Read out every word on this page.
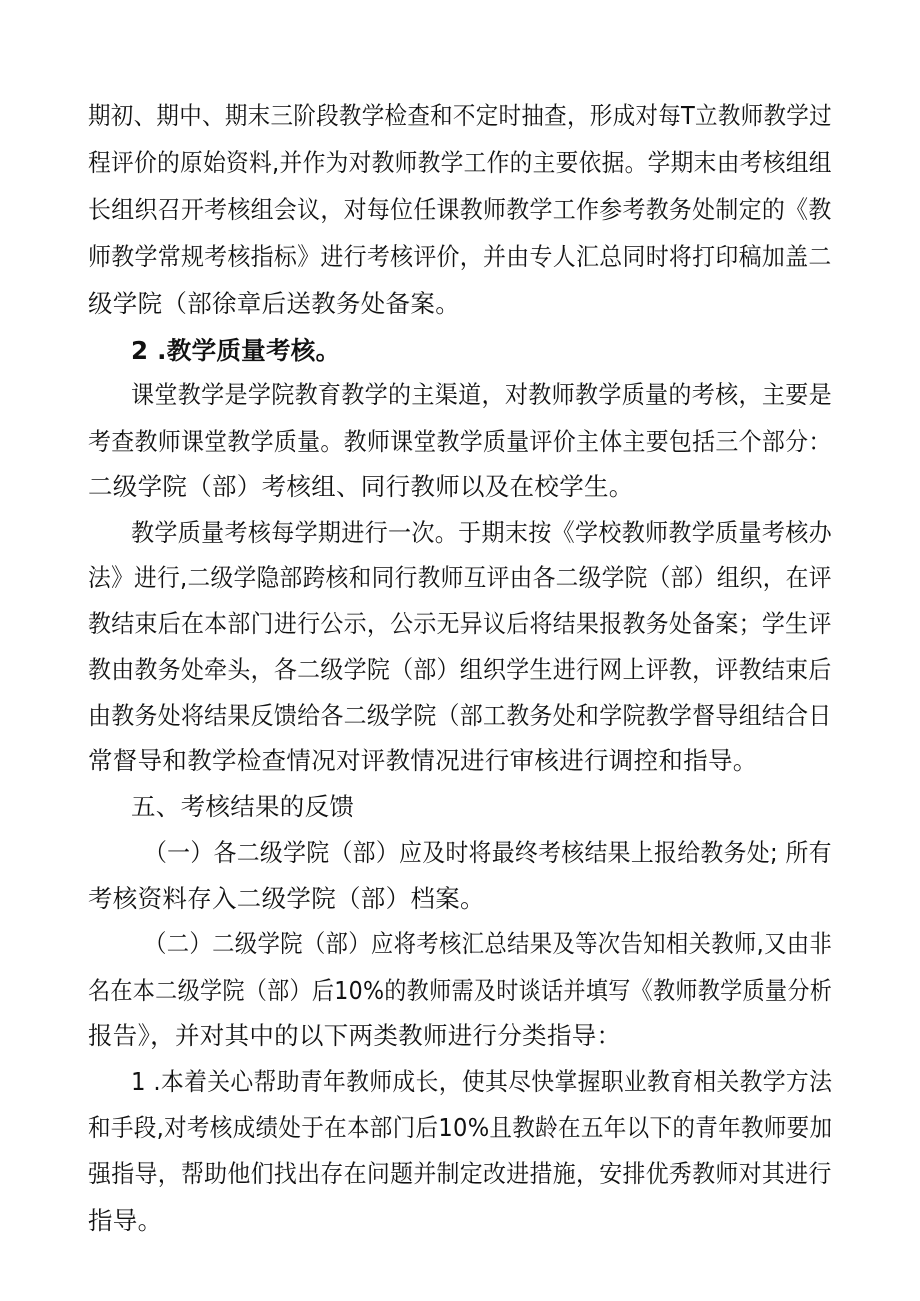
期初、期中、期末三阶段教学检查和不定时抽查，形成对每T立教师教学过
程评价的原始资料,并作为对教师教学工作的主要依据。学期末由考核组组
长组织召开考核组会议，对每位任课教师教学工作参考教务处制定的《教
师教学常规考核指标》进行考核评价，并由专人汇总同时将打印稿加盖二
级学院（部徐章后送教务处备案。
2 .教学质量考核。
课堂教学是学院教育教学的主渠道，对教师教学质量的考核，主要是
考查教师课堂教学质量。教师课堂教学质量评价主体主要包括三个部分：
二级学院（部）考核组、同行教师以及在校学生。
教学质量考核每学期进行一次。于期末按《学校教师教学质量考核办
法》进行,二级学隐部跨核和同行教师互评由各二级学院（部）组织，在评
教结束后在本部门进行公示，公示无异议后将结果报教务处备案；学生评
教由教务处牵头，各二级学院（部）组织学生进行网上评教，评教结束后
由教务处将结果反馈给各二级学院（部工教务处和学院教学督导组结合日
常督导和教学检查情况对评教情况进行审核进行调控和指导。
五、考核结果的反馈
（一）各二级学院（部）应及时将最终考核结果上报给教务处; 所有
考核资料存入二级学院（部）档案。
（二）二级学院（部）应将考核汇总结果及等次告知相关教师,又由非
名在本二级学院（部）后10%的教师需及时谈话并填写《教师教学质量分析
报告》，并对其中的以下两类教师进行分类指导：
1 .本着关心帮助青年教师成长，使其尽快掌握职业教育相关教学方法
和手段,对考核成绩处于在本部门后10%且教龄在五年以下的青年教师要加
强指导，帮助他们找出存在问题并制定改进措施，安排优秀教师对其进行
指导。
